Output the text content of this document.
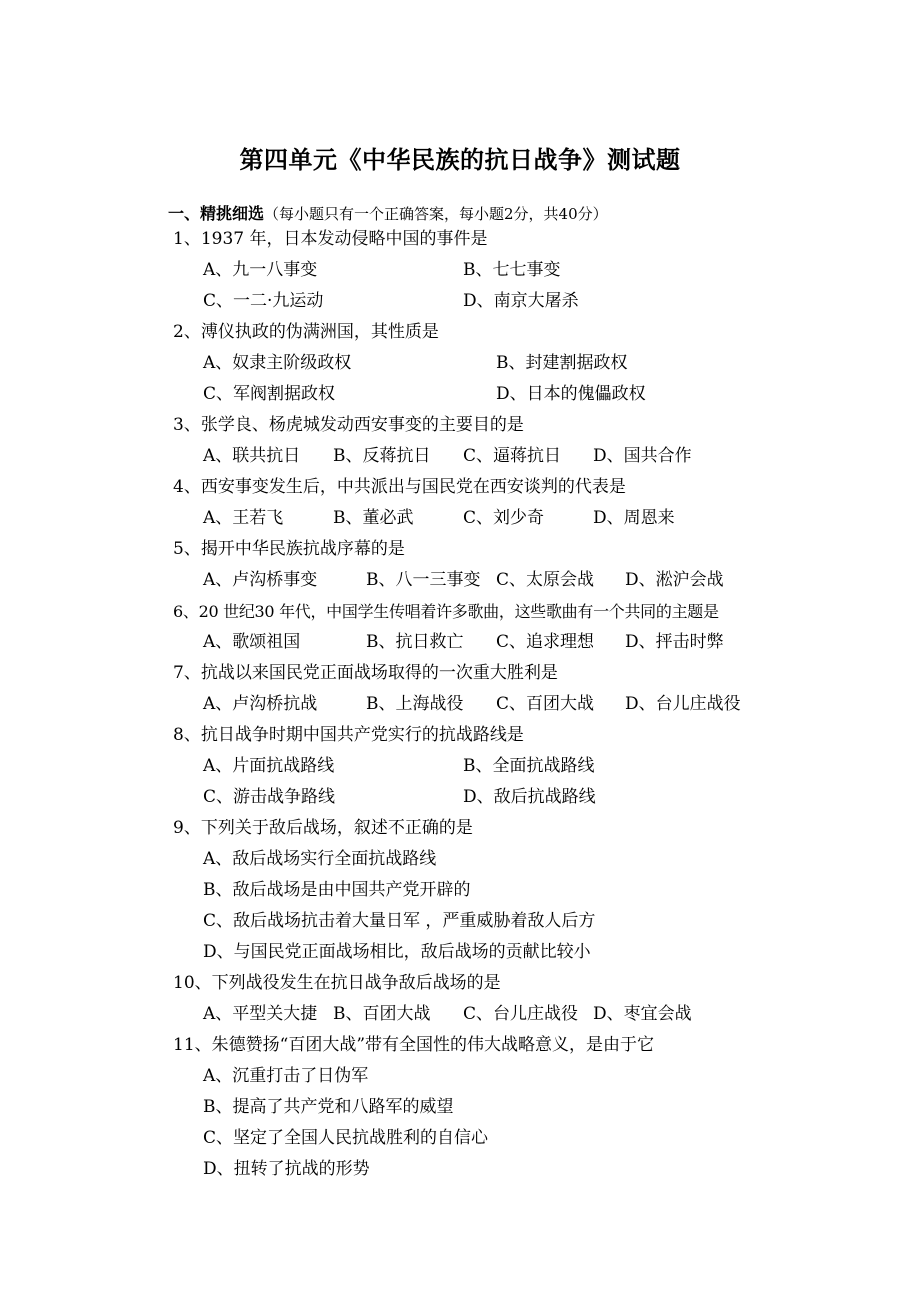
第四单元《中华民族的抗日战争》测试题
一、精挑细选（每小题只有一个正确答案，每小题2分，共40分）
1、1937 年，日本发动侵略中国的事件是
A、九一八事变	B、七七事变
C、一二·九运动	D、南京大屠杀
2、溥仪执政的伪满洲国，其性质是
A、奴隶主阶级政权	B、封建割据政权
C、军阀割据政权	D、日本的傀儡政权
3、张学良、杨虎城发动西安事变的主要目的是
A、联共抗日 B、反蒋抗日 C、逼蒋抗日 D、国共合作
4、西安事变发生后，中共派出与国民党在西安谈判的代表是
A、王若飞	B、董必武	C、刘少奇	D、周恩来
5、揭开中华民族抗战序幕的是
A、卢沟桥事变	B、八一三事变 C、太原会战 D、淞沪会战
6、20 世纪30 年代，中国学生传唱着许多歌曲，这些歌曲有一个共同的主题是
A、歌颂祖国	B、抗日救亡 C、追求理想 D、抨击时弊
7、抗战以来国民党正面战场取得的一次重大胜利是
A、卢沟桥抗战	B、上海战役 C、百团大战 D、台儿庄战役
8、抗日战争时期中国共产党实行的抗战路线是
A、片面抗战路线	B、全面抗战路线
C、游击战争路线	D、敌后抗战路线
9、下列关于敌后战场，叙述不正确的是
A、敌后战场实行全面抗战路线
B、敌后战场是由中国共产党开辟的
C、敌后战场抗击着大量日军 ，严重威胁着敌人后方
D、与国民党正面战场相比，敌后战场的贡献比较小
10、下列战役发生在抗日战争敌后战场的是
A、平型关大捷 B、百团大战 C、台儿庄战役 D、枣宜会战
11、朱德赞扬“百团大战”带有全国性的伟大战略意义，是由于它
A、沉重打击了日伪军
B、提高了共产党和八路军的威望
C、坚定了全国人民抗战胜利的自信心
D、扭转了抗战的形势
